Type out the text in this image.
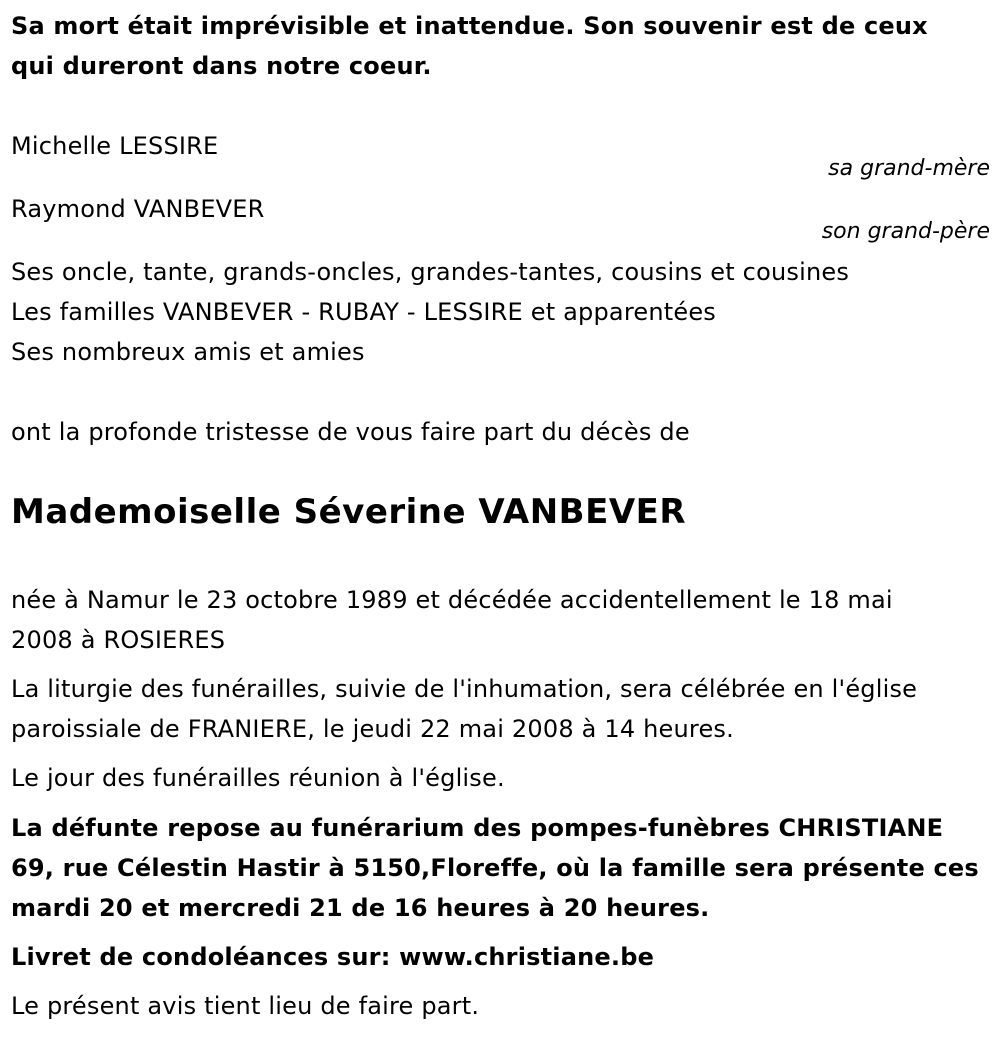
Sa mort était imprévisible et inattendue. Son souvenir est de ceux
qui dureront dans notre coeur.

Michelle LESSIRE

sa grand-mère

Raymond VANBEVER

son grand-père

Ses oncle, tante, grands-oncles, grandes-tantes, cousins et cousines
Les familles VANBEVER - RUBAY - LESSIRE et apparentées
Ses nombreux amis et amies

ont la profonde tristesse de vous faire part du décès de

Mademoiselle Séverine VANBEVER

née à Namur le 23 octobre 1989 et décédée accidentellement le 18 mai
2008 à ROSIERES

La liturgie des funérailles, suivie de l'inhumation, sera célébrée en l'église
paroissiale de FRANIERE, le jeudi 22 mai 2008 à 14 heures.

Le jour des funérailles réunion à l'église.

La défunte repose au funérarium des pompes-funèbres CHRISTIANE
69, rue Célestin Hastir à 5150,Floreffe, où la famille sera présente ces
mardi 20 et mercredi 21 de 16 heures à 20 heures.

Livret de condoléances sur: www.christiane.be

Le présent avis tient lieu de faire part.
